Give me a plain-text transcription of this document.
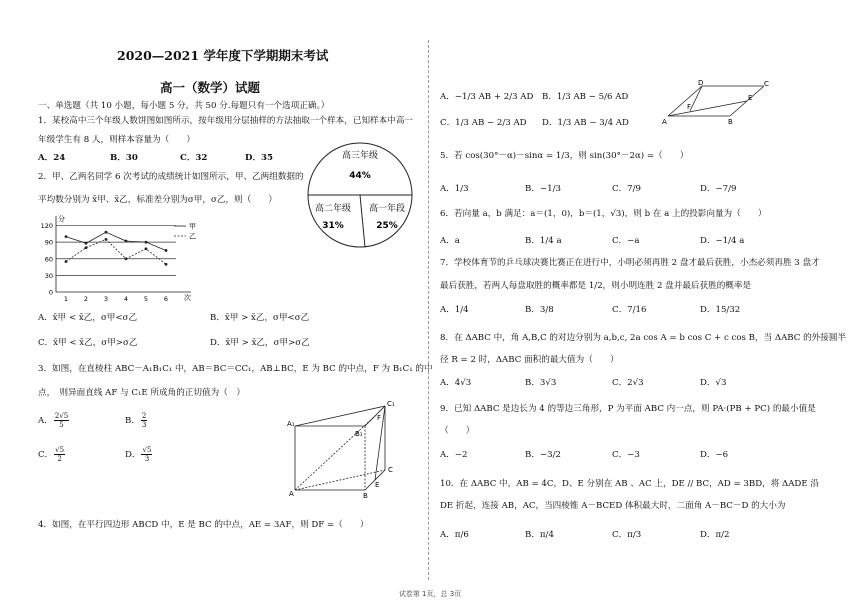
2020—2021 学年度下学期期末考试
高一（数学）试题
一、单选题（共 10 小题，每小题 5 分，共 50 分.每题只有一个选项正确。）
1．某校高中三个年级人数饼图如图所示，按年级用分层抽样的方法抽取一个样本，已知样本中高一
年级学生有 8 人，则样本容量为（　　）
A．24	B．30	C．32	D．35	高三年级
44%
高一年段
25%
高二年级
31%
2．甲、乙两名同学 6 次考试的成绩统计如图所示，甲、乙两组数据的
平均数分别为 x̄甲、x̄乙，标准差分别为σ甲，σ乙，则（　　）
分
次
0
30
60
90
120
1 2 3 4 5 6
甲
乙
A．x̄甲 < x̄乙，σ甲<σ乙	B．x̄甲 > x̄乙，σ甲<σ乙
C．x̄甲 < x̄乙，σ甲>σ乙	D．x̄甲 > x̄乙，σ甲>σ乙
3．如图，在直棱柱 ABC－A₁B₁C₁ 中，AB＝BC＝CC₁，AB⊥BC，E 为 BC 的中点，F 为 B₁C₁ 的中
点，　则异面直线 AF 与 C₁E 所成角的正切值为（　）
A． $\frac{2√5}{5}$	B． $\frac{2}{3}$
C． $\frac{√5}{2}$	D． $\frac{√5}{3}$
A₁
B₁
C₁
F
A	B
C
E
4．如图，在平行四边形 ABCD 中，E 是 BC 的中点，AE = 3AF，则 DF =（　　）
A．−1/3 AB + 2/3 AD B．1/3 AB − 5/6 AD
C．1/3 AB − 2/3 AD D．1/3 AB − 3/4 AD	A	B
C
D
E
F
5．若 cos(30°－α)－sinα = 1/3，则 sin(30°－2α) =（　　）
A．1/3	B．−1/3	C．7/9	D．−7/9
6．若向量 a，b 满足：a＝(1，0)，b＝(1，√3)，则 b 在 a 上的投影向量为（　　）
A．a	B．1/4 a	C．−a	D．−1/4 a
7．学校体育节的乒乓球决赛比赛正在进行中，小明必须再胜 2 盘才最后获胜，小杰必须再胜 3 盘才
最后获胜，若两人每盘取胜的概率都是 1/2，则小明连胜 2 盘并最后获胜的概率是
A．1/4	B．3/8	C．7/16	D．15/32
8．在 ΔABC 中，角 A,B,C 的对边分别为 a,b,c, 2a cos A = b cos C + c cos B，当 ΔABC 的外接圆半
径 R = 2 时，ΔABC 面积的最大值为（　　）
A．4√3	B．3√3	C．2√3	D．√3
9．已知 ΔABC 是边长为 4 的等边三角形，P 为平面 ABC 内一点，则 PA·(PB + PC) 的最小值是
（　　）
A．−2	B．−3/2	C．−3	D．−6
10．在 ΔABC 中，AB = 4C，D、E 分别在 AB 、AC 上，DE // BC，AD = 3BD，将 ΔADE 沿
DE 折起，连接 AB，AC，当四棱锥 A－BCED 体积最大时，二面角 A－BC－D 的大小为
A．π/6	B．π/4	C．π/3	D．π/2
试卷第 1页，总 3页
